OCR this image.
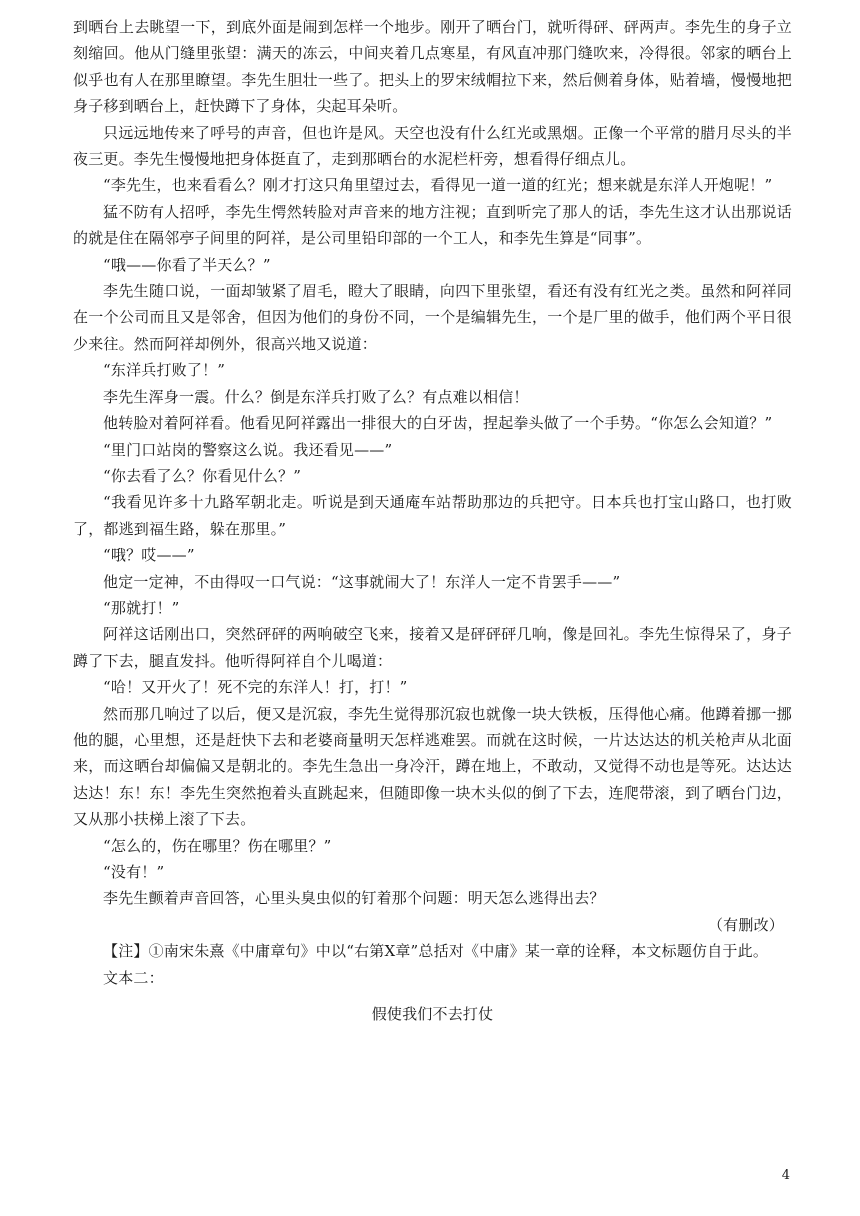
到晒台上去眺望一下，到底外面是闹到怎样一个地步。刚开了晒台门，就听得砰、砰两声。李先生的身子立刻缩回。他从门缝里张望：满天的冻云，中间夹着几点寒星，有风直冲那门缝吹来，冷得很。邻家的晒台上似乎也有人在那里瞭望。李先生胆壮一些了。把头上的罗宋绒帽拉下来，然后侧着身体，贴着墙，慢慢地把身子移到晒台上，赶快蹲下了身体，尖起耳朵听。

只远远地传来了呼号的声音，但也许是风。天空也没有什么红光或黑烟。正像一个平常的腊月尽头的半夜三更。李先生慢慢地把身体挺直了，走到那晒台的水泥栏杆旁，想看得仔细点儿。

“李先生，也来看看么？刚才打这只角里望过去，看得见一道一道的红光；想来就是东洋人开炮呢！”

猛不防有人招呼，李先生愕然转脸对声音来的地方注视；直到听完了那人的话，李先生这才认出那说话的就是住在隔邻亭子间里的阿祥，是公司里铅印部的一个工人，和李先生算是“同事”。

“哦——你看了半天么？”

李先生随口说，一面却皱紧了眉毛，瞪大了眼睛，向四下里张望，看还有没有红光之类。虽然和阿祥同在一个公司而且又是邻舍，但因为他们的身份不同，一个是编辑先生，一个是厂里的做手，他们两个平日很少来往。然而阿祥却例外，很高兴地又说道：

“东洋兵打败了！”

李先生浑身一震。什么？倒是东洋兵打败了么？有点难以相信！

他转脸对着阿祥看。他看见阿祥露出一排很大的白牙齿，捏起拳头做了一个手势。“你怎么会知道？”

“里门口站岗的警察这么说。我还看见——”

“你去看了么？你看见什么？”

“我看见许多十九路军朝北走。听说是到天通庵车站帮助那边的兵把守。日本兵也打宝山路口，也打败了，都逃到福生路，躲在那里。”

“哦？哎——”

他定一定神，不由得叹一口气说：“这事就闹大了！东洋人一定不肯罢手——”

“那就打！”

阿祥这话刚出口，突然砰砰的两响破空飞来，接着又是砰砰砰几响，像是回礼。李先生惊得呆了，身子蹲了下去，腿直发抖。他听得阿祥自个儿喝道：

“哈！又开火了！死不完的东洋人！打，打！”

然而那几响过了以后，便又是沉寂，李先生觉得那沉寂也就像一块大铁板，压得他心痛。他蹲着挪一挪他的腿，心里想，还是赶快下去和老婆商量明天怎样逃难罢。而就在这时候，一片达达达的机关枪声从北面来，而这晒台却偏偏又是朝北的。李先生急出一身冷汗，蹲在地上，不敢动，又觉得不动也是等死。达达达达达！东！东！李先生突然抱着头直跳起来，但随即像一块木头似的倒了下去，连爬带滚，到了晒台门边，又从那小扶梯上滚了下去。

“怎么的，伤在哪里？伤在哪里？”

“没有！”

李先生颤着声音回答，心里头臭虫似的钉着那个问题：明天怎么逃得出去？

（有删改）

【注】①南宋朱熹《中庸章句》中以“右第X章”总括对《中庸》某一章的诠释，本文标题仿自于此。

文本二：

假使我们不去打仗

4
